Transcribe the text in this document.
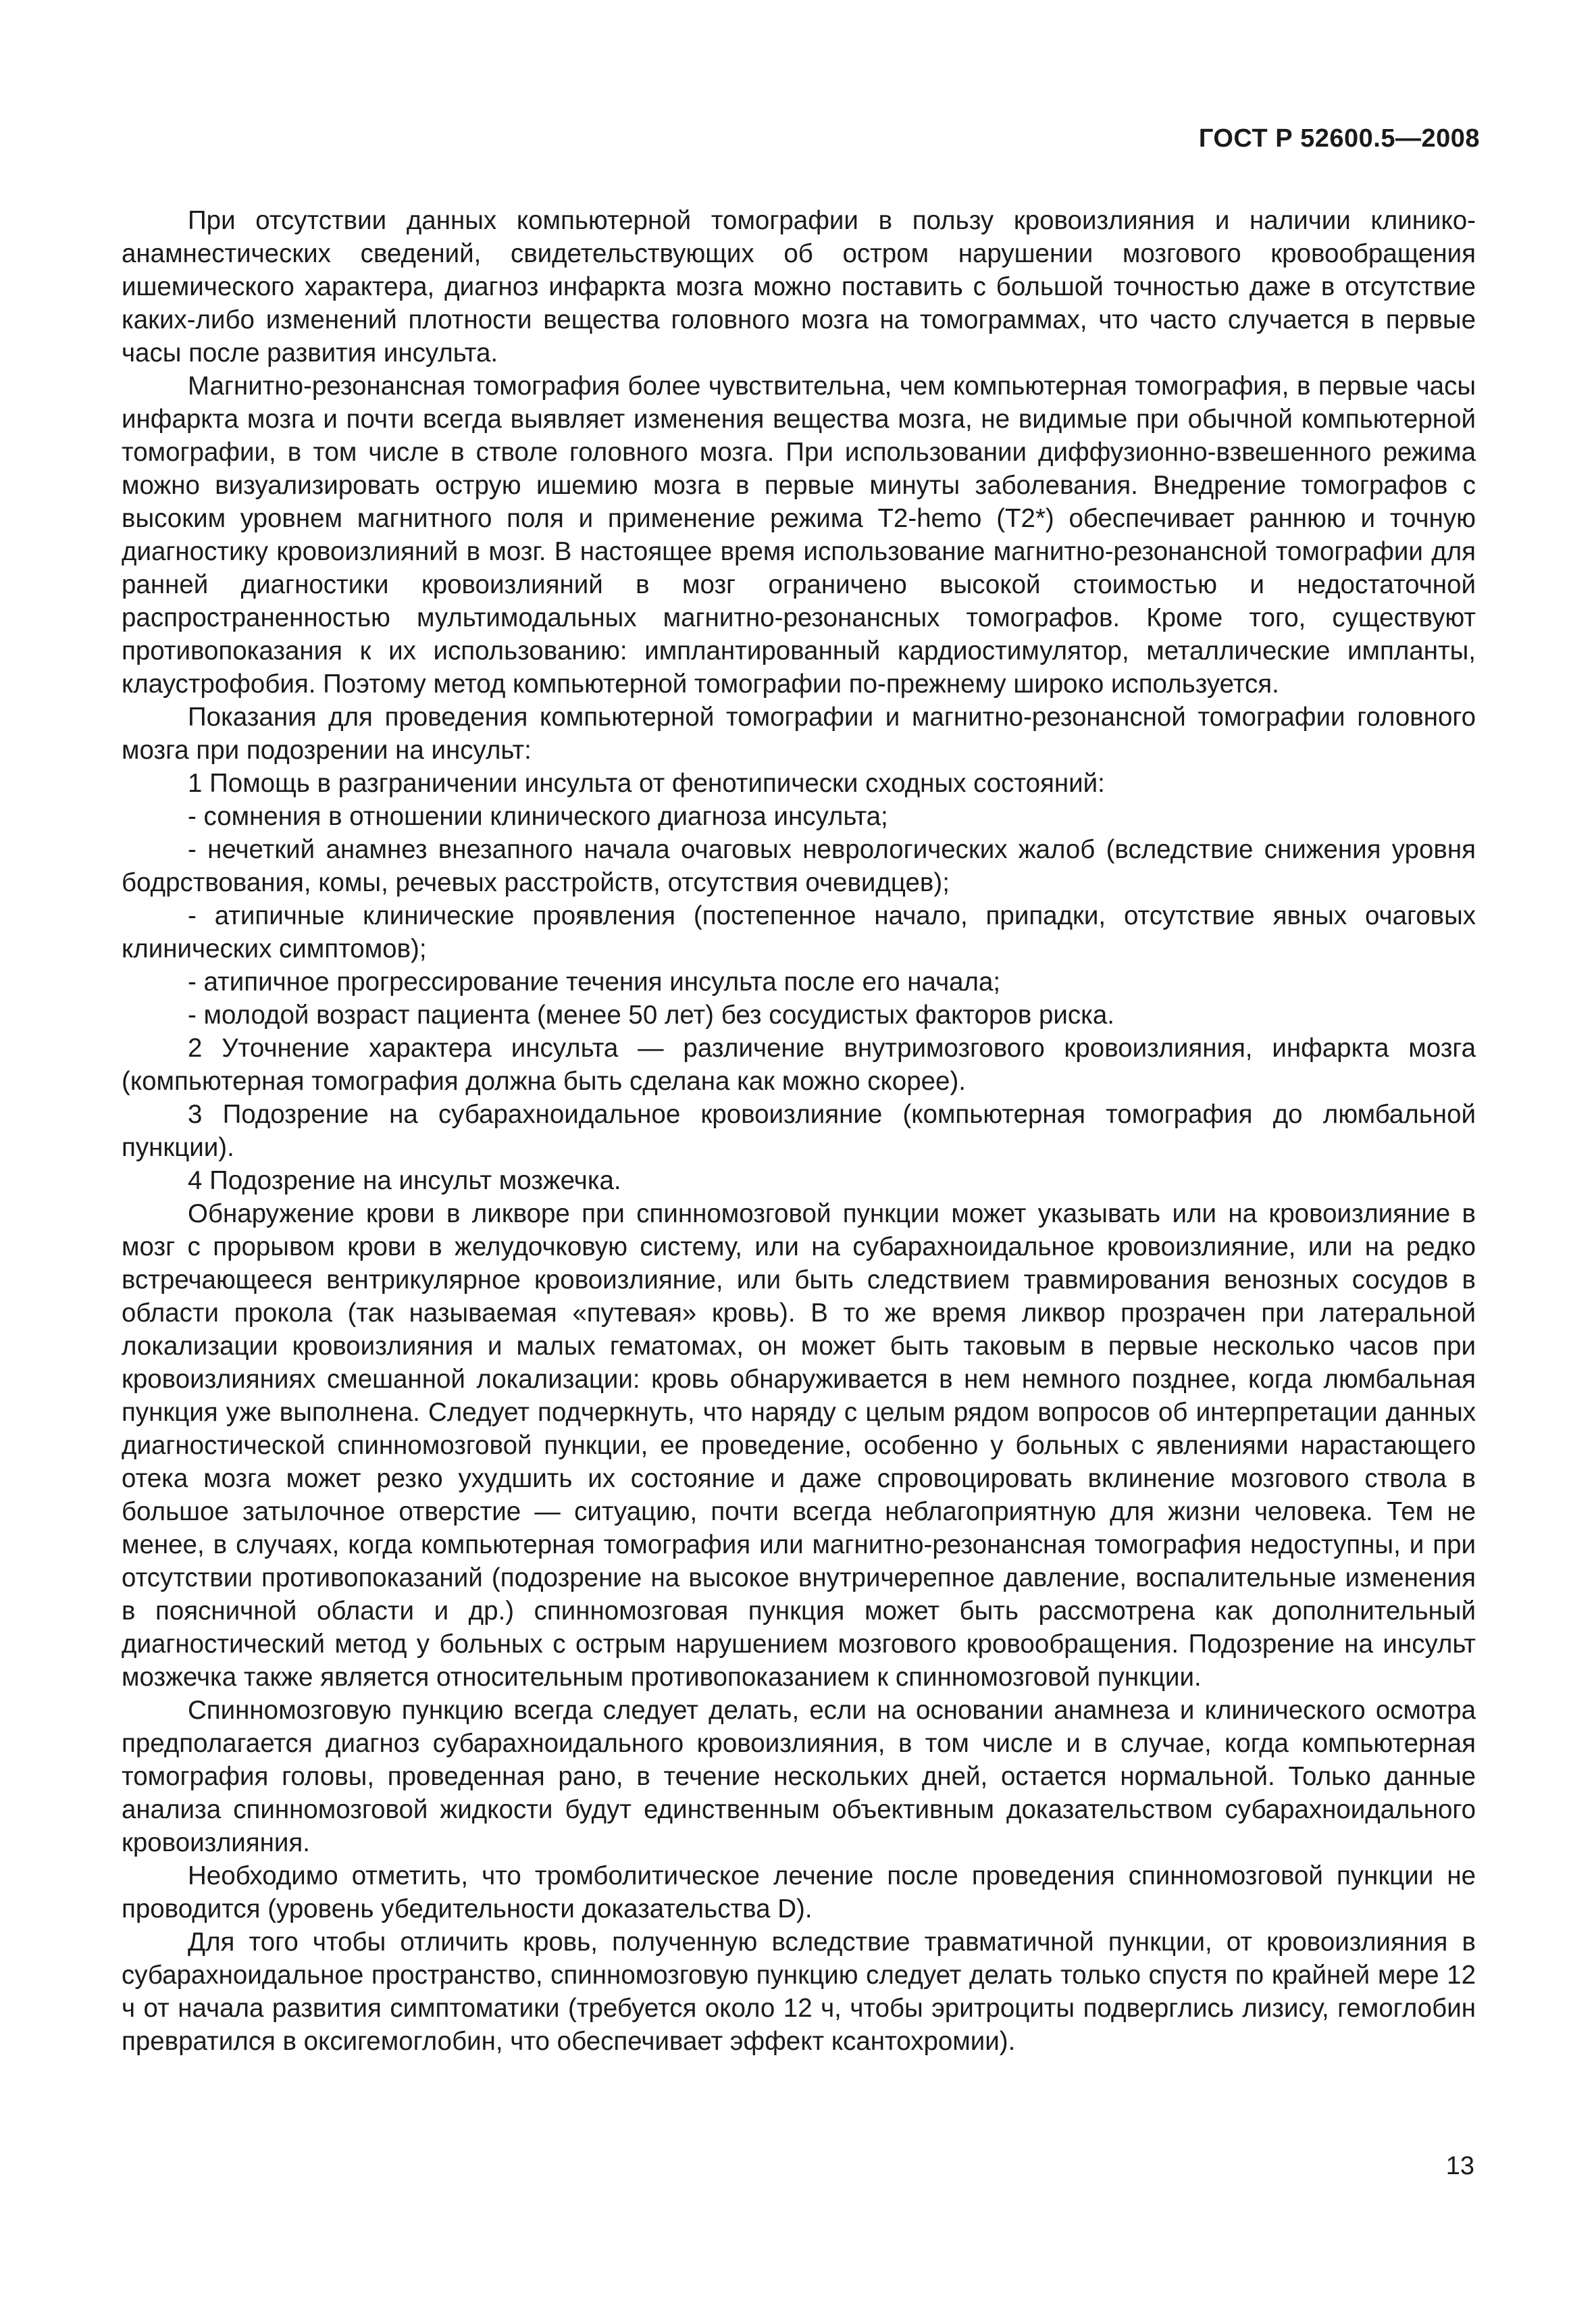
ГОСТ Р 52600.5—2008

При отсутствии данных компьютерной томографии в пользу кровоизлияния и наличии клинико-анамнестических сведений, свидетельствующих об остром нарушении мозгового кровообращения ишемического характера, диагноз инфаркта мозга можно поставить с большой точностью даже в отсутствие каких-либо изменений плотности вещества головного мозга на томограммах, что часто случается в первые часы после развития инсульта.

Магнитно-резонансная томография более чувствительна, чем компьютерная томография, в первые часы инфаркта мозга и почти всегда выявляет изменения вещества мозга, не видимые при обычной компьютерной томографии, в том числе в стволе головного мозга. При использовании диффузионно-взвешенного режима можно визуализировать острую ишемию мозга в первые минуты заболевания. Внедрение томографов с высоким уровнем магнитного поля и применение режима Т2-hemo (Т2*) обеспечивает раннюю и точную диагностику кровоизлияний в мозг. В настоящее время использование магнитно-резонансной томографии для ранней диагностики кровоизлияний в мозг ограничено высокой стоимостью и недостаточной распространенностью мультимодальных магнитно-резонансных томографов. Кроме того, существуют противопоказания к их использованию: имплантированный кардиостимулятор, металлические импланты, клаустрофобия. Поэтому метод компьютерной томографии по-прежнему широко используется.

Показания для проведения компьютерной томографии и магнитно-резонансной томографии головного мозга при подозрении на инсульт:

1 Помощь в разграничении инсульта от фенотипически сходных состояний:

- сомнения в отношении клинического диагноза инсульта;

- нечеткий анамнез внезапного начала очаговых неврологических жалоб (вследствие снижения уровня бодрствования, комы, речевых расстройств, отсутствия очевидцев);

- атипичные клинические проявления (постепенное начало, припадки, отсутствие явных очаговых клинических симптомов);

- атипичное прогрессирование течения инсульта после его начала;

- молодой возраст пациента (менее 50 лет) без сосудистых факторов риска.

2 Уточнение характера инсульта — различение внутримозгового кровоизлияния, инфаркта мозга (компьютерная томография должна быть сделана как можно скорее).

3 Подозрение на субарахноидальное кровоизлияние (компьютерная томография до люмбальной пункции).

4 Подозрение на инсульт мозжечка.

Обнаружение крови в ликворе при спинномозговой пункции может указывать или на кровоизлияние в мозг с прорывом крови в желудочковую систему, или на субарахноидальное кровоизлияние, или на редко встречающееся вентрикулярное кровоизлияние, или быть следствием травмирования венозных сосудов в области прокола (так называемая «путевая» кровь). В то же время ликвор прозрачен при латеральной локализации кровоизлияния и малых гематомах, он может быть таковым в первые несколько часов при кровоизлияниях смешанной локализации: кровь обнаруживается в нем немного позднее, когда люмбальная пункция уже выполнена. Следует подчеркнуть, что наряду с целым рядом вопросов об интерпретации данных диагностической спинномозговой пункции, ее проведение, особенно у больных с явлениями нарастающего отека мозга может резко ухудшить их состояние и даже спровоцировать вклинение мозгового ствола в большое затылочное отверстие — ситуацию, почти всегда неблагоприятную для жизни человека. Тем не менее, в случаях, когда компьютерная томография или магнитно-резонансная томография недоступны, и при отсутствии противопоказаний (подозрение на высокое внутричерепное давление, воспалительные изменения в поясничной области и др.) спинномозговая пункция может быть рассмотрена как дополнительный диагностический метод у больных с острым нарушением мозгового кровообращения. Подозрение на инсульт мозжечка также является относительным противопоказанием к спинномозговой пункции.

Спинномозговую пункцию всегда следует делать, если на основании анамнеза и клинического осмотра предполагается диагноз субарахноидального кровоизлияния, в том числе и в случае, когда компьютерная томография головы, проведенная рано, в течение нескольких дней, остается нормальной. Только данные анализа спинномозговой жидкости будут единственным объективным доказательством субарахноидального кровоизлияния.

Необходимо отметить, что тромболитическое лечение после проведения спинномозговой пункции не проводится (уровень убедительности доказательства D).

Для того чтобы отличить кровь, полученную вследствие травматичной пункции, от кровоизлияния в субарахноидальное пространство, спинномозговую пункцию следует делать только спустя по крайней мере 12 ч от начала развития симптоматики (требуется около 12 ч, чтобы эритроциты подверглись лизису, гемоглобин превратился в оксигемоглобин, что обеспечивает эффект ксантохромии).

13
